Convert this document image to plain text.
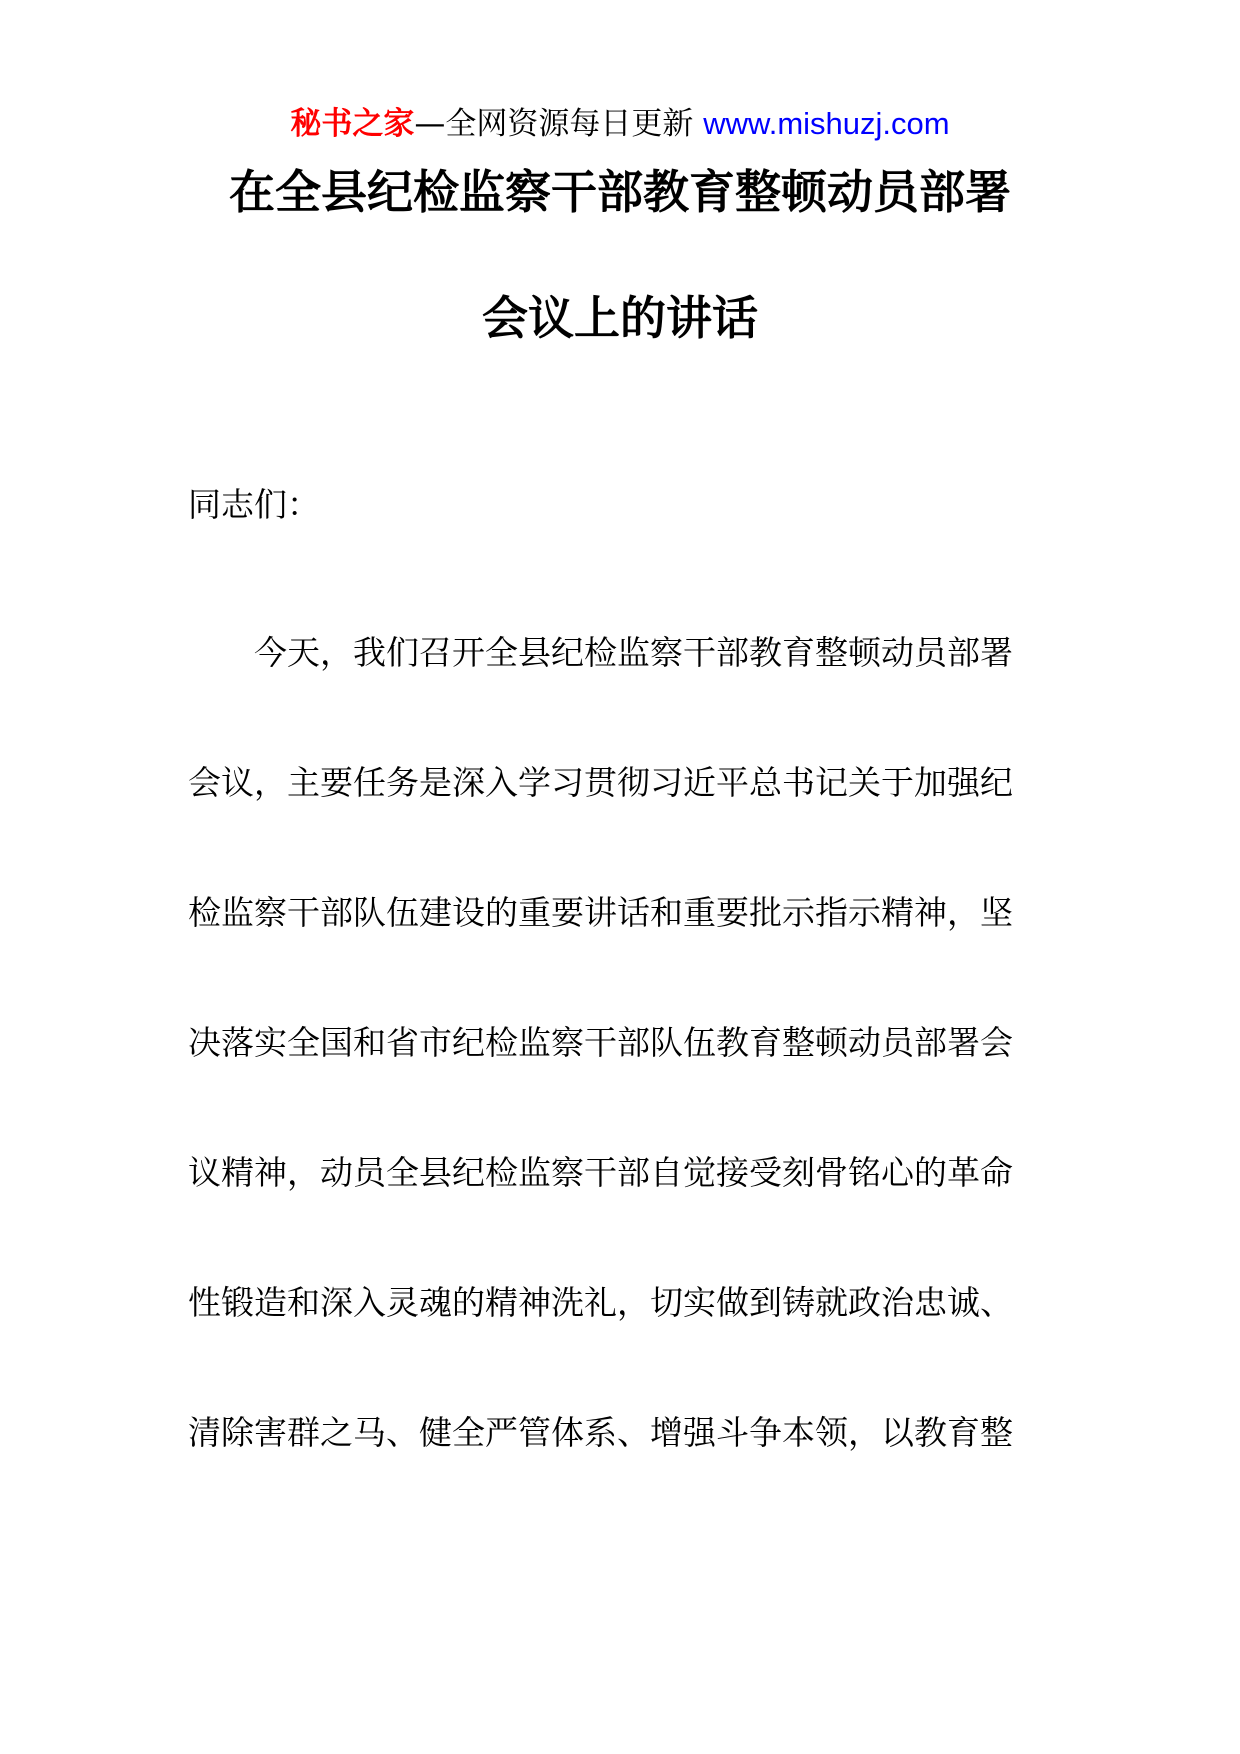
秘书之家—全网资源每日更新 www.mishuzj.com
在全县纪检监察干部教育整顿动员部署
会议上的讲话
同志们：
今天，我们召开全县纪检监察干部教育整顿动员部署
会议，主要任务是深入学习贯彻习近平总书记关于加强纪
检监察干部队伍建设的重要讲话和重要批示指示精神，坚
决落实全国和省市纪检监察干部队伍教育整顿动员部署会
议精神，动员全县纪检监察干部自觉接受刻骨铭心的革命
性锻造和深入灵魂的精神洗礼，切实做到铸就政治忠诚、
清除害群之马、健全严管体系、增强斗争本领，以教育整
